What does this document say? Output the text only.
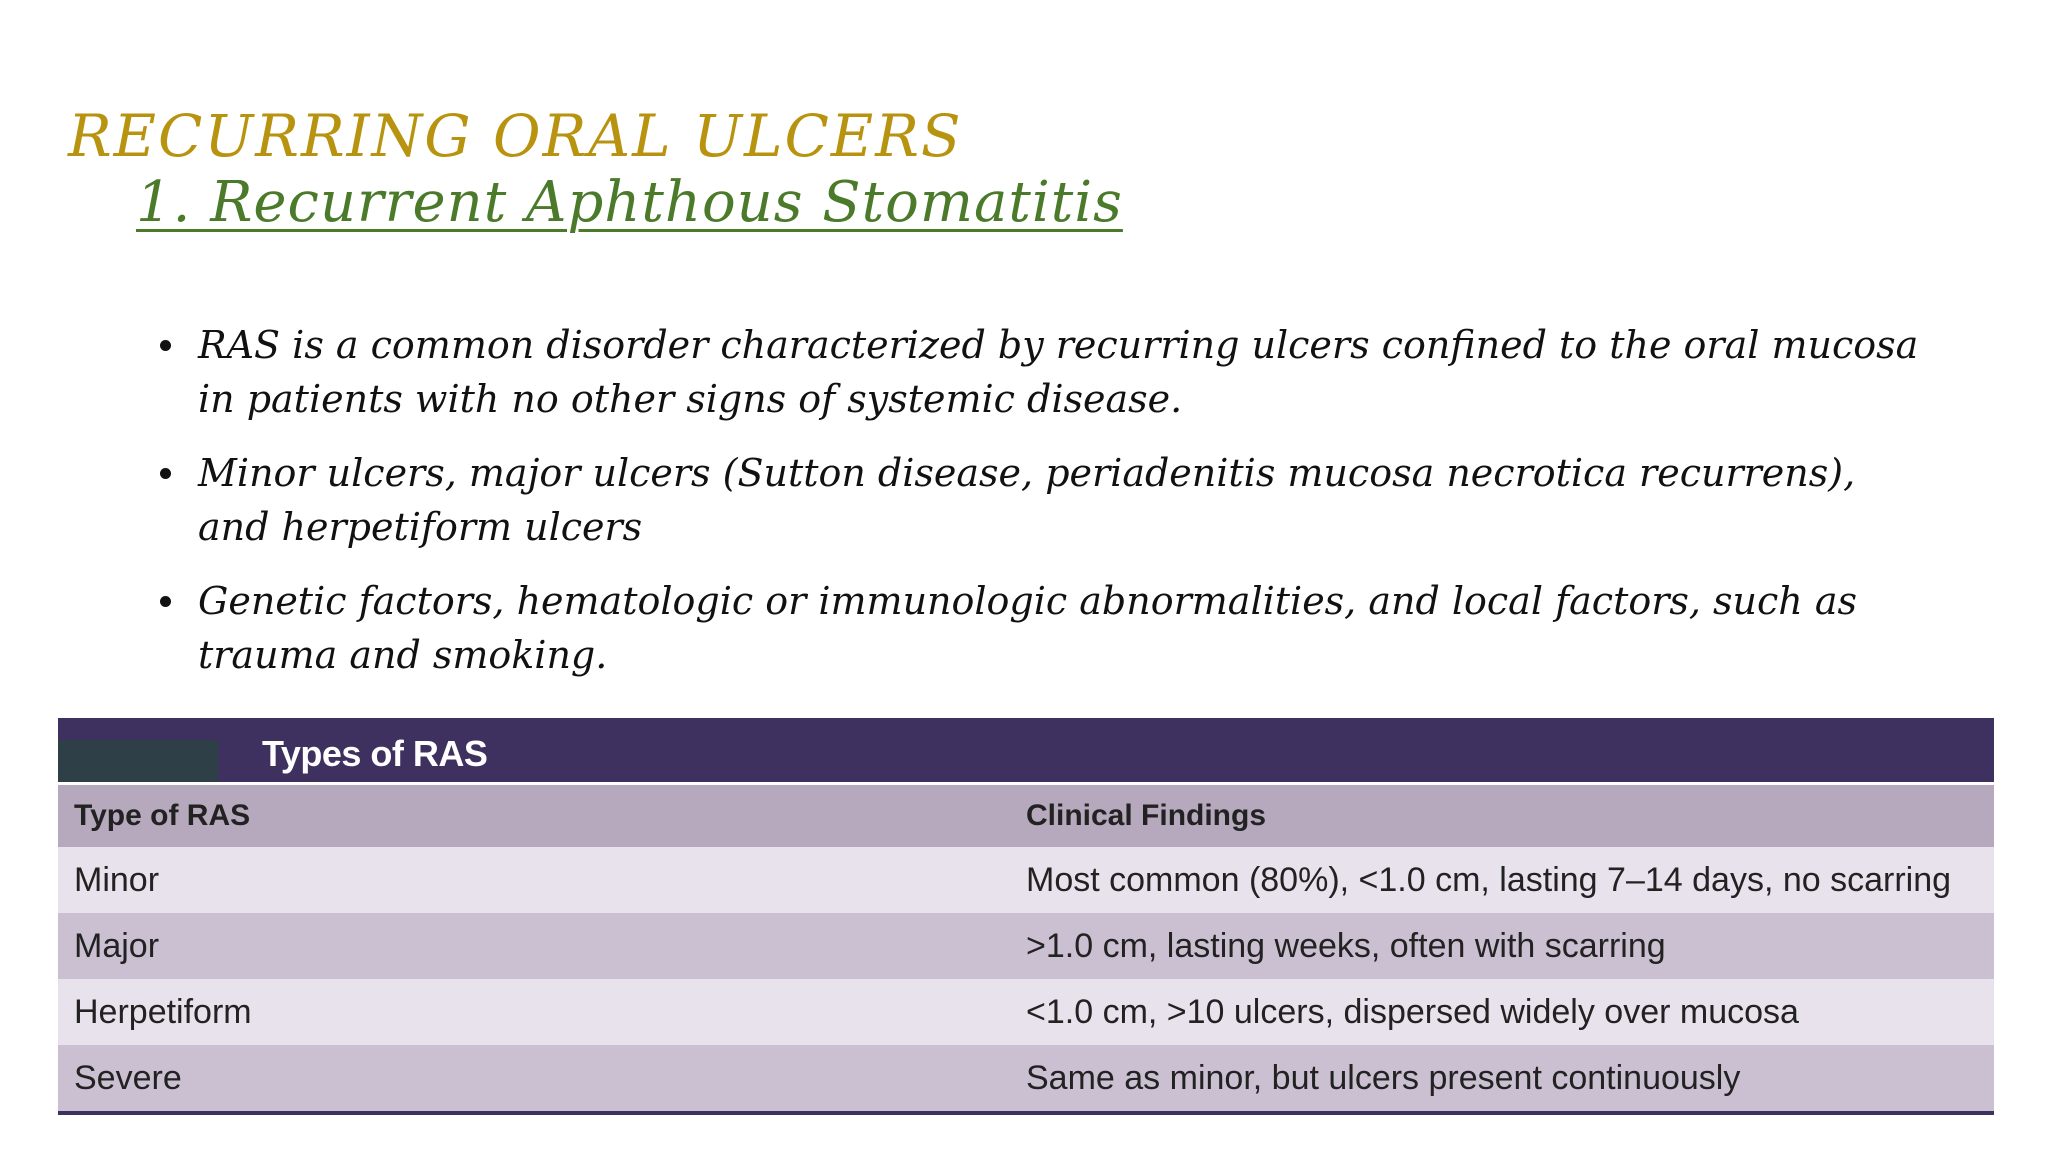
RECURRING ORAL ULCERS
1. Recurrent Aphthous Stomatitis
RAS is a common disorder characterized by recurring ulcers confined to the oral mucosa in patients with no other signs of systemic disease.
Minor ulcers, major ulcers (Sutton disease, periadenitis mucosa necrotica recurrens), and herpetiform ulcers
Genetic factors, hematologic or immunologic abnormalities, and local factors, such as trauma and smoking.
Types of RAS
Type of RAS	Clinical Findings
Minor	Most common (80%), <1.0 cm, lasting 7–14 days, no scarring
Major	>1.0 cm, lasting weeks, often with scarring
Herpetiform	<1.0 cm, >10 ulcers, dispersed widely over mucosa
Severe	Same as minor, but ulcers present continuously
